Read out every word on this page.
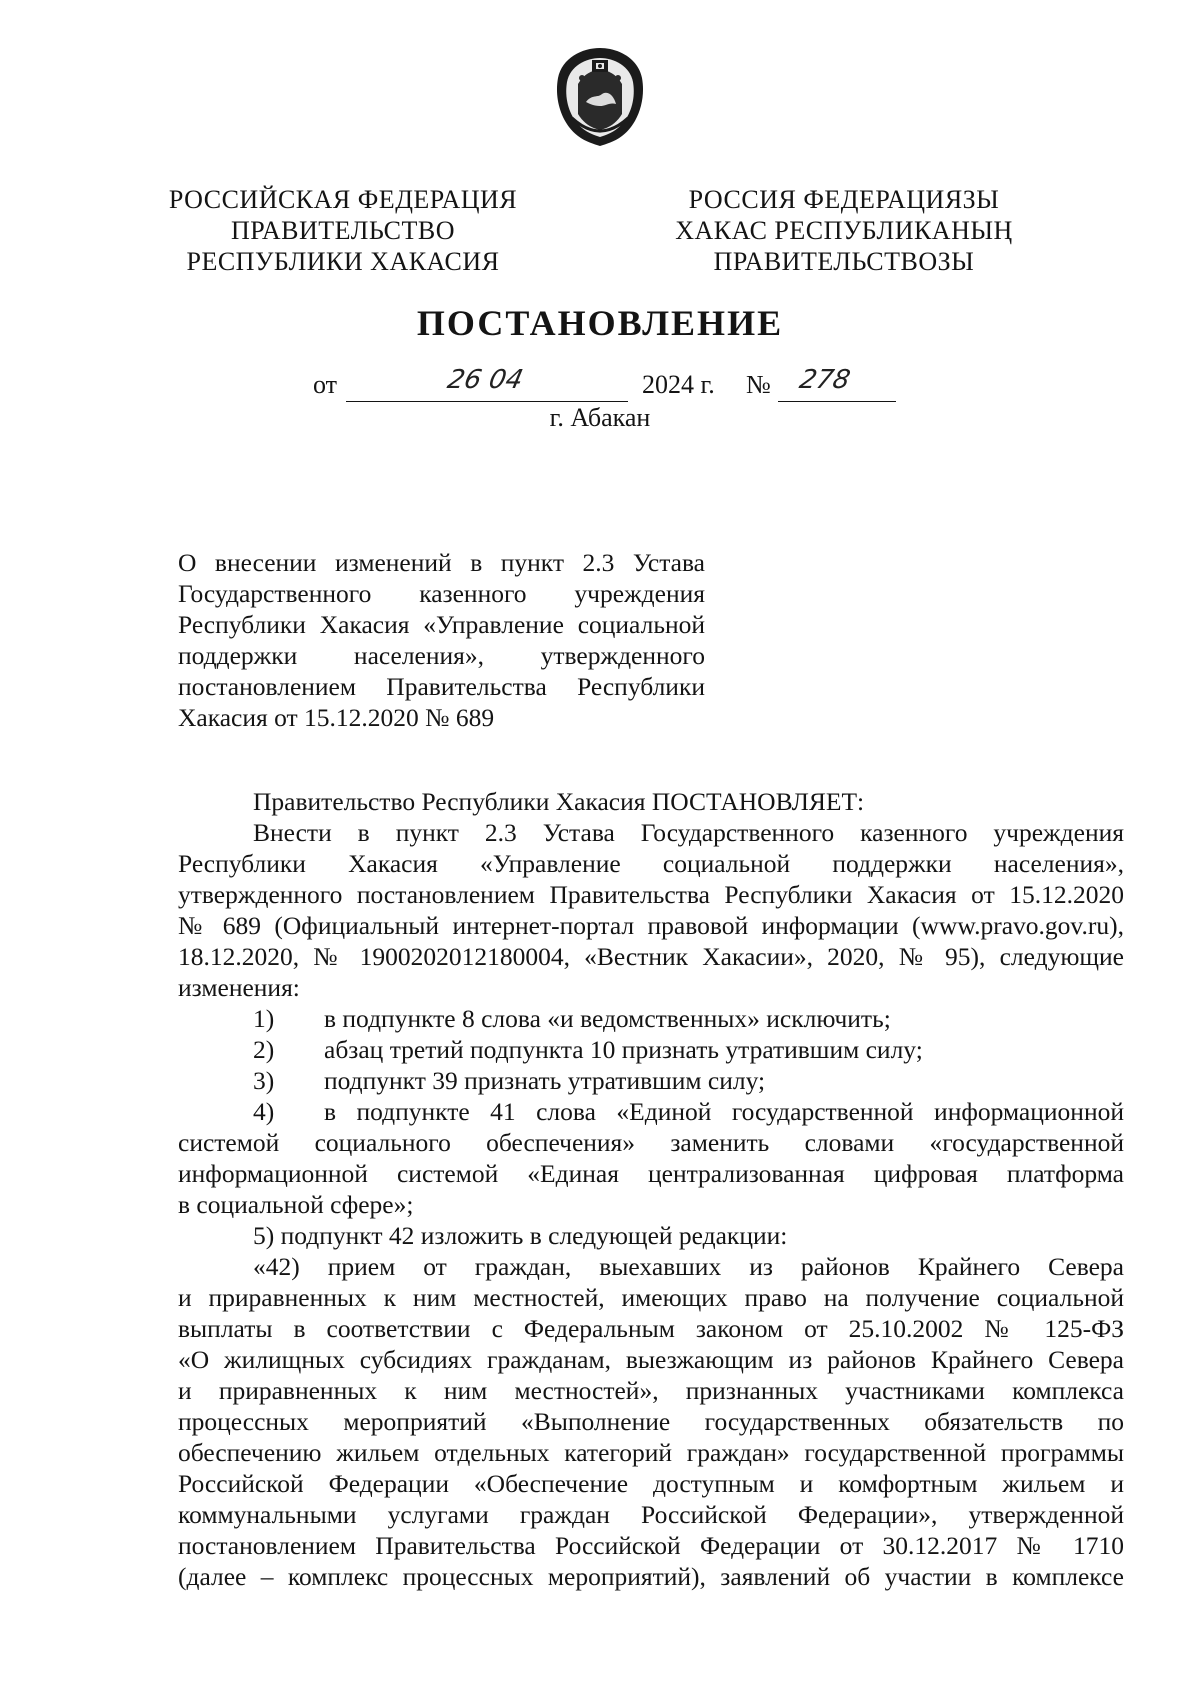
РОССИЙСКАЯ ФЕДЕРАЦИЯ
ПРАВИТЕЛЬСТВО
РЕСПУБЛИКИ ХАКАСИЯ
РОССИЯ ФЕДЕРАЦИЯЗЫ
ХАКАС РЕСПУБЛИКАНЫҢ
ПРАВИТЕЛЬСТВОЗЫ
ПОСТАНОВЛЕНИЕ
от	26 04	2024 г. № 278
г. Абакан
О внесении изменений в пункт 2.3 Устава
Государственного казенного учреждения
Республики Хакасия «Управление социальной
поддержки населения», утвержденного
постановлением Правительства Республики
Хакасия от 15.12.2020 № 689
Правительство Республики Хакасия ПОСТАНОВЛЯЕТ:
Внести в пункт 2.3 Устава Государственного казенного учреждения
Республики Хакасия «Управление социальной поддержки населения»,
утвержденного постановлением Правительства Республики Хакасия от 15.12.2020
№ 689 (Официальный интернет-портал правовой информации (www.pravo.gov.ru),
18.12.2020, № 1900202012180004, «Вестник Хакасии», 2020, № 95), следующие
изменения:
1) в подпункте 8 слова «и ведомственных» исключить;
2) абзац третий подпункта 10 признать утратившим силу;
3) подпункт 39 признать утратившим силу;
4) в подпункте 41 слова «Единой государственной информационной
системой социального обеспечения» заменить словами «государственной
информационной системой «Единая централизованная цифровая платформа
в социальной сфере»;
5) подпункт 42 изложить в следующей редакции:
«42) прием от граждан, выехавших из районов Крайнего Севера
и приравненных к ним местностей, имеющих право на получение социальной
выплаты в соответствии с Федеральным законом от 25.10.2002 № 125-ФЗ
«О жилищных субсидиях гражданам, выезжающим из районов Крайнего Севера
и приравненных к ним местностей», признанных участниками комплекса
процессных мероприятий «Выполнение государственных обязательств по
обеспечению жильем отдельных категорий граждан» государственной программы
Российской Федерации «Обеспечение доступным и комфортным жильем и
коммунальными услугами граждан Российской Федерации», утвержденной
постановлением Правительства Российской Федерации от 30.12.2017 № 1710
(далее – комплекс процессных мероприятий), заявлений об участии в комплексе
